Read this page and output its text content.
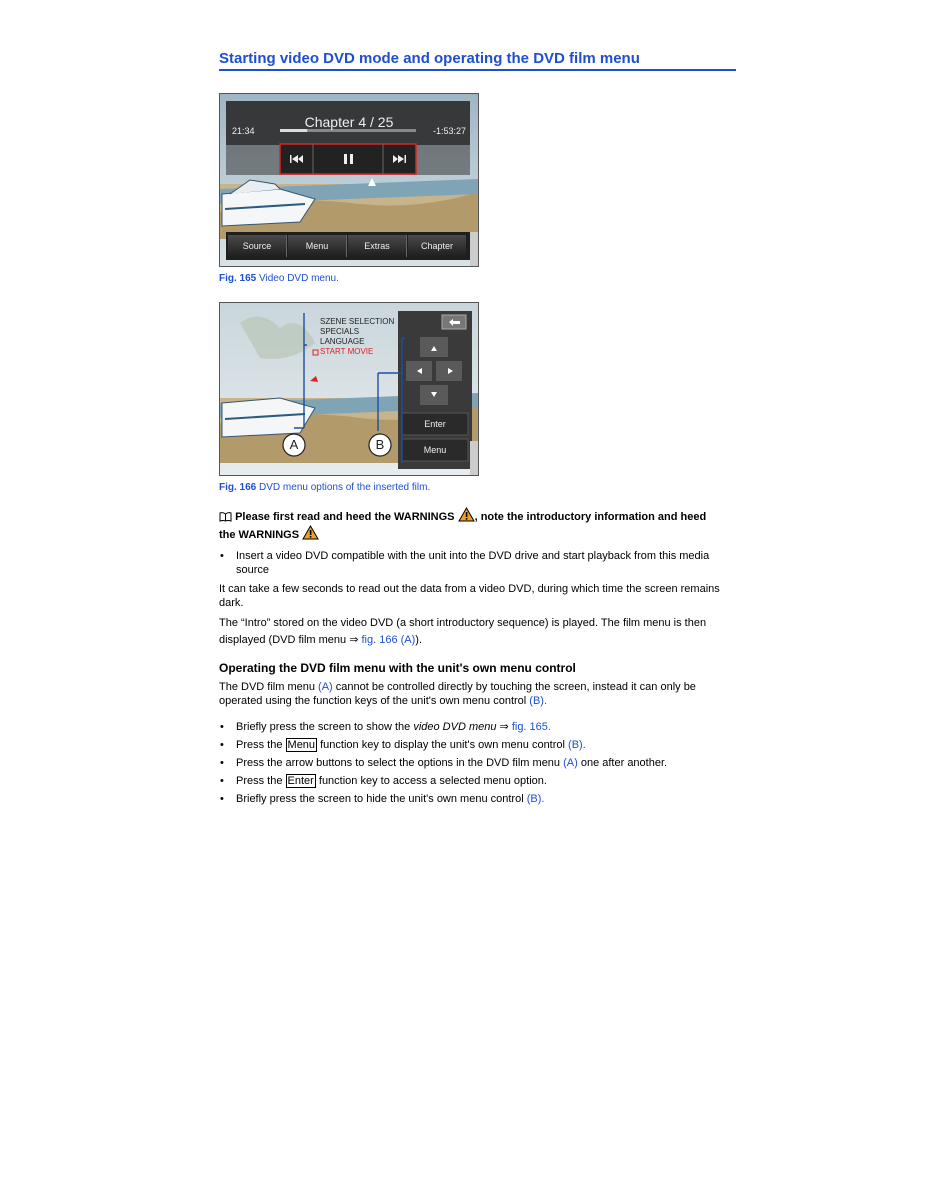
Starting video DVD mode and operating the DVD film menu
Chapter 4 / 25
21:34	-1:53:27
Source	Menu	Extras	Chapter
Fig. 165 Video DVD menu.
SZENE SELECTION
SPECIALS
LANGUAGE
START MOVIE
Enter
Menu
A	B
Fig. 166 DVD menu options of the inserted film.
Please first read and heed the WARNINGS , note the introductory information and heed
the WARNINGS
• Insert a video DVD compatible with the unit into the DVD drive and start playback from this media source

It can take a few seconds to read out the data from a video DVD, during which time the screen remains dark.

The “Intro” stored on the video DVD (a short introductory sequence) is played. The film menu is then displayed (DVD film menu ⇒ fig. 166 (A)).

Operating the DVD film menu with the unit's own menu control

The DVD film menu (A) cannot be controlled directly by touching the screen, instead it can only be operated using the function keys of the unit's own menu control (B).

• Briefly press the screen to show the video DVD menu ⇒ fig. 165.
• Press the Menu function key to display the unit's own menu control (B).
• Press the arrow buttons to select the options in the DVD film menu (A) one after another.
• Press the Enter function key to access a selected menu option.
• Briefly press the screen to hide the unit's own menu control (B).
